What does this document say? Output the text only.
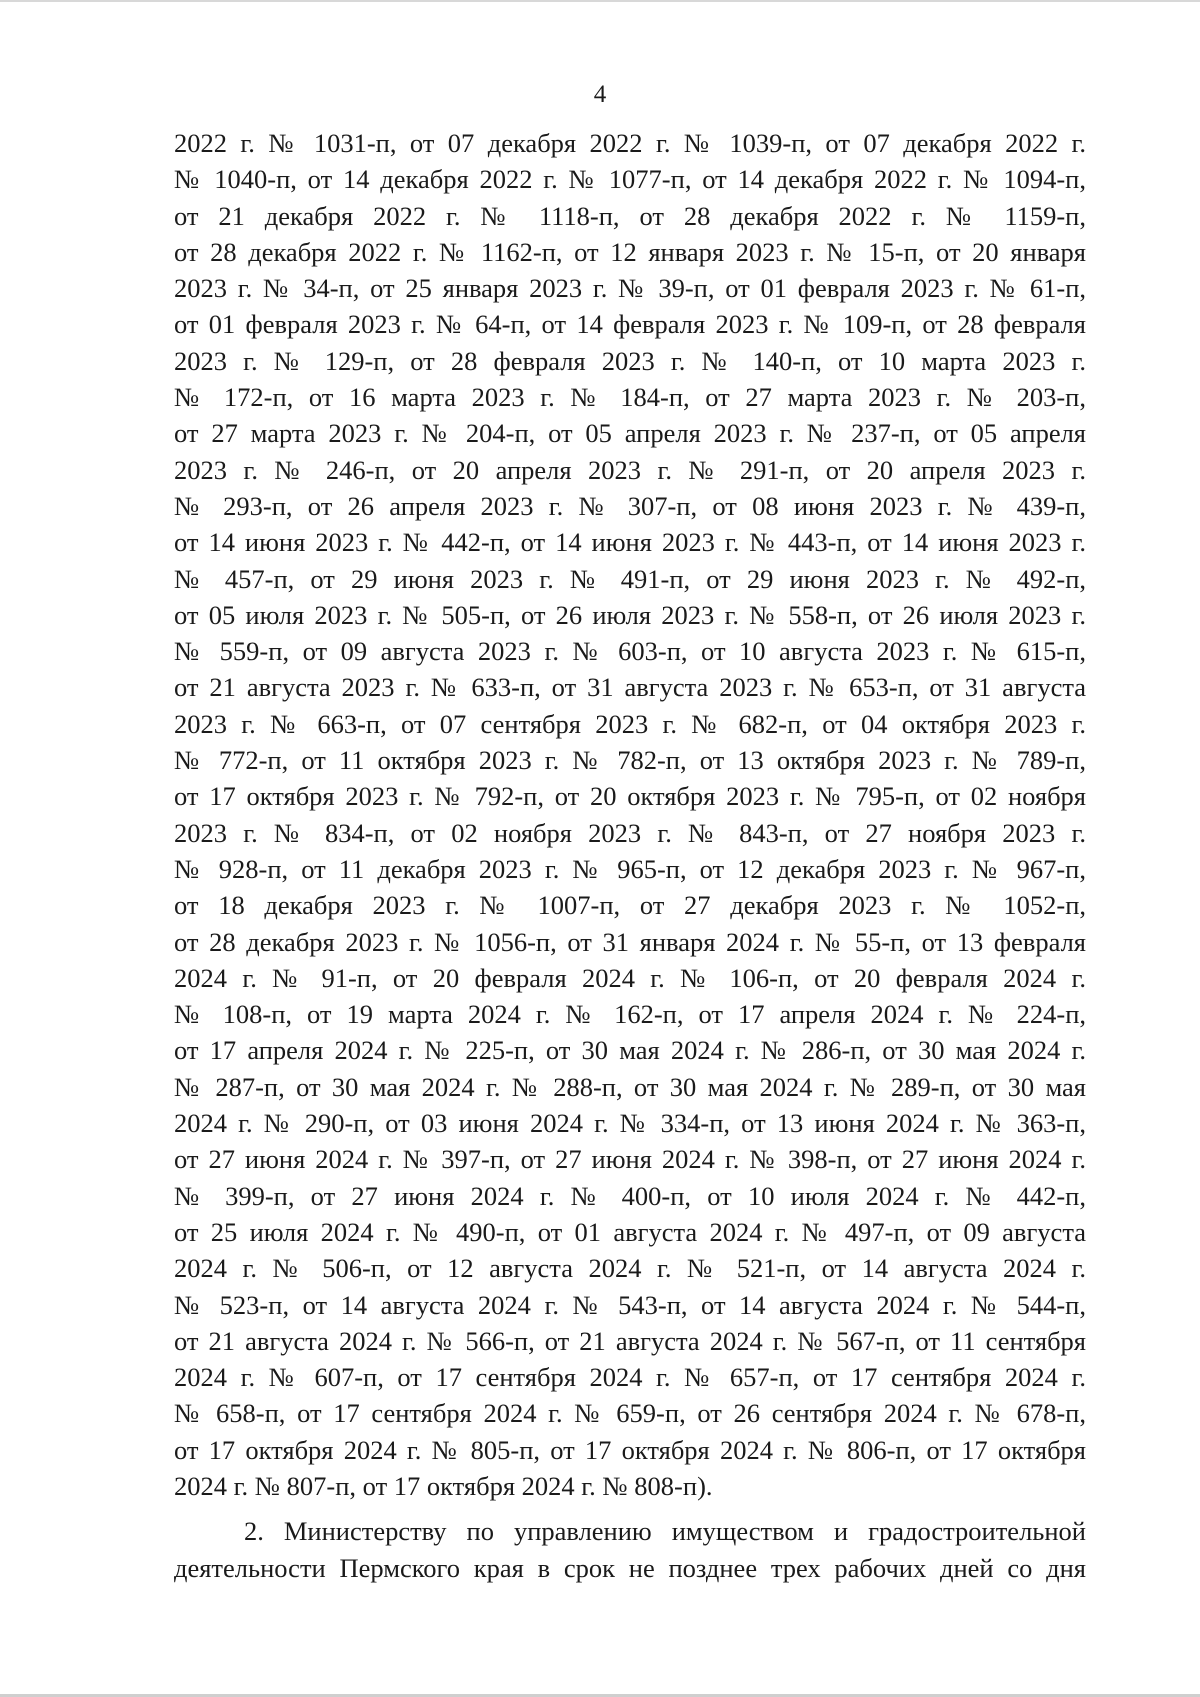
4
2022 г. № 1031-п, от 07 декабря 2022 г. № 1039-п, от 07 декабря 2022 г.
№ 1040-п, от 14 декабря 2022 г. № 1077-п, от 14 декабря 2022 г. № 1094-п,
от 21 декабря 2022 г. № 1118-п, от 28 декабря 2022 г. № 1159-п,
от 28 декабря 2022 г. № 1162-п, от 12 января 2023 г. № 15-п, от 20 января
2023 г. № 34-п, от 25 января 2023 г. № 39-п, от 01 февраля 2023 г. № 61-п,
от 01 февраля 2023 г. № 64-п, от 14 февраля 2023 г. № 109-п, от 28 февраля
2023 г. № 129-п, от 28 февраля 2023 г. № 140-п, от 10 марта 2023 г.
№ 172-п, от 16 марта 2023 г. № 184-п, от 27 марта 2023 г. № 203-п,
от 27 марта 2023 г. № 204-п, от 05 апреля 2023 г. № 237-п, от 05 апреля
2023 г. № 246-п, от 20 апреля 2023 г. № 291-п, от 20 апреля 2023 г.
№ 293-п, от 26 апреля 2023 г. № 307-п, от 08 июня 2023 г. № 439-п,
от 14 июня 2023 г. № 442-п, от 14 июня 2023 г. № 443-п, от 14 июня 2023 г.
№ 457-п, от 29 июня 2023 г. № 491-п, от 29 июня 2023 г. № 492-п,
от 05 июля 2023 г. № 505-п, от 26 июля 2023 г. № 558-п, от 26 июля 2023 г.
№ 559-п, от 09 августа 2023 г. № 603-п, от 10 августа 2023 г. № 615-п,
от 21 августа 2023 г. № 633-п, от 31 августа 2023 г. № 653-п, от 31 августа
2023 г. № 663-п, от 07 сентября 2023 г. № 682-п, от 04 октября 2023 г.
№ 772-п, от 11 октября 2023 г. № 782-п, от 13 октября 2023 г. № 789-п,
от 17 октября 2023 г. № 792-п, от 20 октября 2023 г. № 795-п, от 02 ноября
2023 г. № 834-п, от 02 ноября 2023 г. № 843-п, от 27 ноября 2023 г.
№ 928-п, от 11 декабря 2023 г. № 965-п, от 12 декабря 2023 г. № 967-п,
от 18 декабря 2023 г. № 1007-п, от 27 декабря 2023 г. № 1052-п,
от 28 декабря 2023 г. № 1056-п, от 31 января 2024 г. № 55-п, от 13 февраля
2024 г. № 91-п, от 20 февраля 2024 г. № 106-п, от 20 февраля 2024 г.
№ 108-п, от 19 марта 2024 г. № 162-п, от 17 апреля 2024 г. № 224-п,
от 17 апреля 2024 г. № 225-п, от 30 мая 2024 г. № 286-п, от 30 мая 2024 г.
№ 287-п, от 30 мая 2024 г. № 288-п, от 30 мая 2024 г. № 289-п, от 30 мая
2024 г. № 290-п, от 03 июня 2024 г. № 334-п, от 13 июня 2024 г. № 363-п,
от 27 июня 2024 г. № 397-п, от 27 июня 2024 г. № 398-п, от 27 июня 2024 г.
№ 399-п, от 27 июня 2024 г. № 400-п, от 10 июля 2024 г. № 442-п,
от 25 июля 2024 г. № 490-п, от 01 августа 2024 г. № 497-п, от 09 августа
2024 г. № 506-п, от 12 августа 2024 г. № 521-п, от 14 августа 2024 г.
№ 523-п, от 14 августа 2024 г. № 543-п, от 14 августа 2024 г. № 544-п,
от 21 августа 2024 г. № 566-п, от 21 августа 2024 г. № 567-п, от 11 сентября
2024 г. № 607-п, от 17 сентября 2024 г. № 657-п, от 17 сентября 2024 г.
№ 658-п, от 17 сентября 2024 г. № 659-п, от 26 сентября 2024 г. № 678-п,
от 17 октября 2024 г. № 805-п, от 17 октября 2024 г. № 806-п, от 17 октября
2024 г. № 807-п, от 17 октября 2024 г. № 808-п).
2. Министерству по управлению имуществом и градостроительной
деятельности Пермского края в срок не позднее трех рабочих дней со дня
